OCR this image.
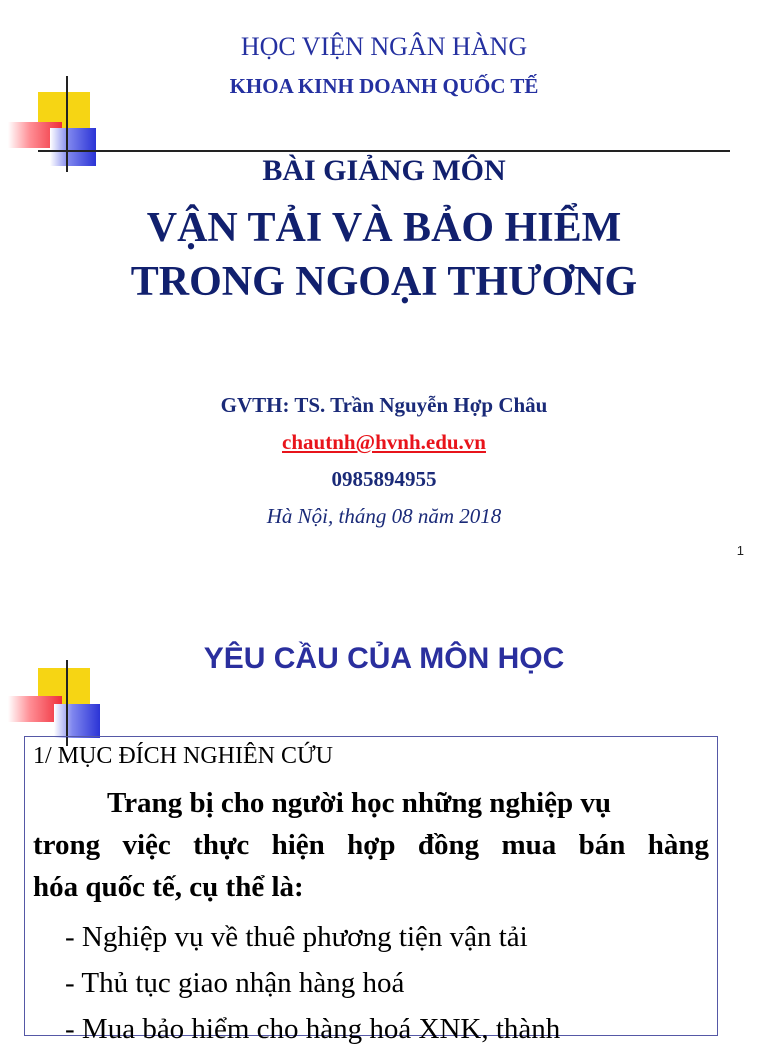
HỌC VIỆN NGÂN HÀNG
KHOA KINH DOANH QUỐC TẾ
BÀI GIẢNG MÔN
VẬN TẢI VÀ BẢO HIỂM
TRONG NGOẠI THƯƠNG
GVTH: TS. Trần Nguyễn Hợp Châu
chautnh@hvnh.edu.vn
0985894955
Hà Nội, tháng 08 năm 2018
1
YÊU CẦU CỦA MÔN HỌC
1/ MỤC ĐÍCH NGHIÊN CỨU
Trang bị cho người học những nghiệp vụ
trong việc thực hiện hợp đồng mua bán hàng
hóa quốc tế, cụ thể là:
- Nghiệp vụ về thuê phương tiện vận tải
- Thủ tục giao nhận hàng hoá
- Mua bảo hiểm cho hàng hoá XNK, thành
